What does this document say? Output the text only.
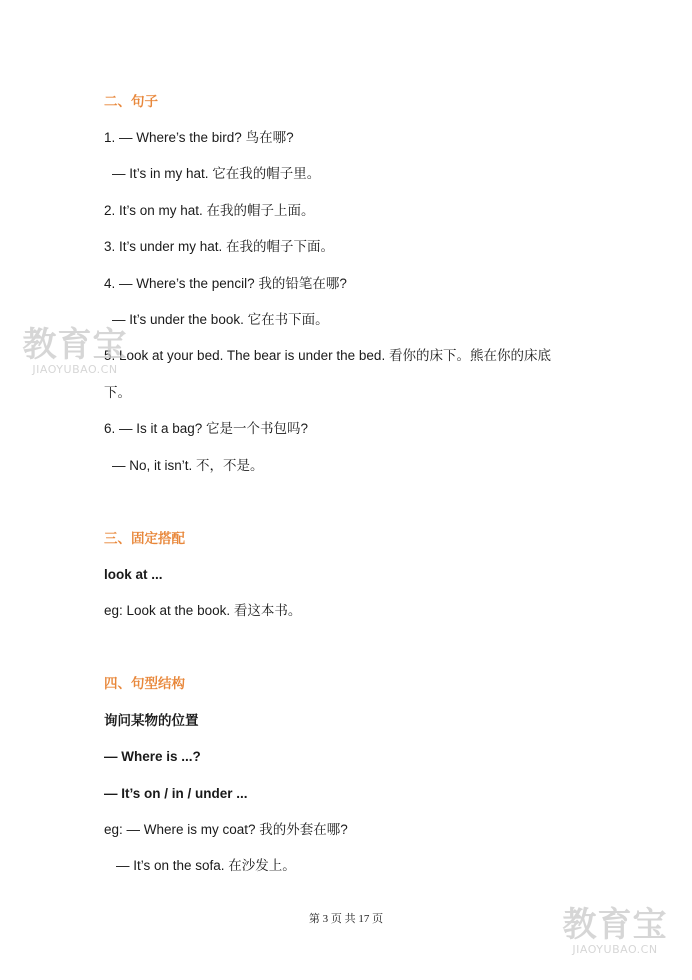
二、句子
1. — Where’s the bird? 鸟在哪?
— It’s in my hat. 它在我的帽子里。
2. It’s on my hat. 在我的帽子上面。
3. It’s under my hat. 在我的帽子下面。
4. — Where’s the pencil? 我的铅笔在哪?
— It’s under the book. 它在书下面。
5. Look at your bed. The bear is under the bed. 看你的床下。熊在你的床底
下。
6. — Is it a bag? 它是一个书包吗?
— No, it isn’t. 不，不是。
三、固定搭配
look at ...
eg: Look at the book. 看这本书。
四、句型结构
询问某物的位置
— Where is ...?
— It’s on / in / under ...
eg: — Where is my coat? 我的外套在哪?
— It’s on the sofa. 在沙发上。
第 3 页 共 17 页
教育宝
JIAOYUBAO.CN
教育宝
JIAOYUBAO.CN
